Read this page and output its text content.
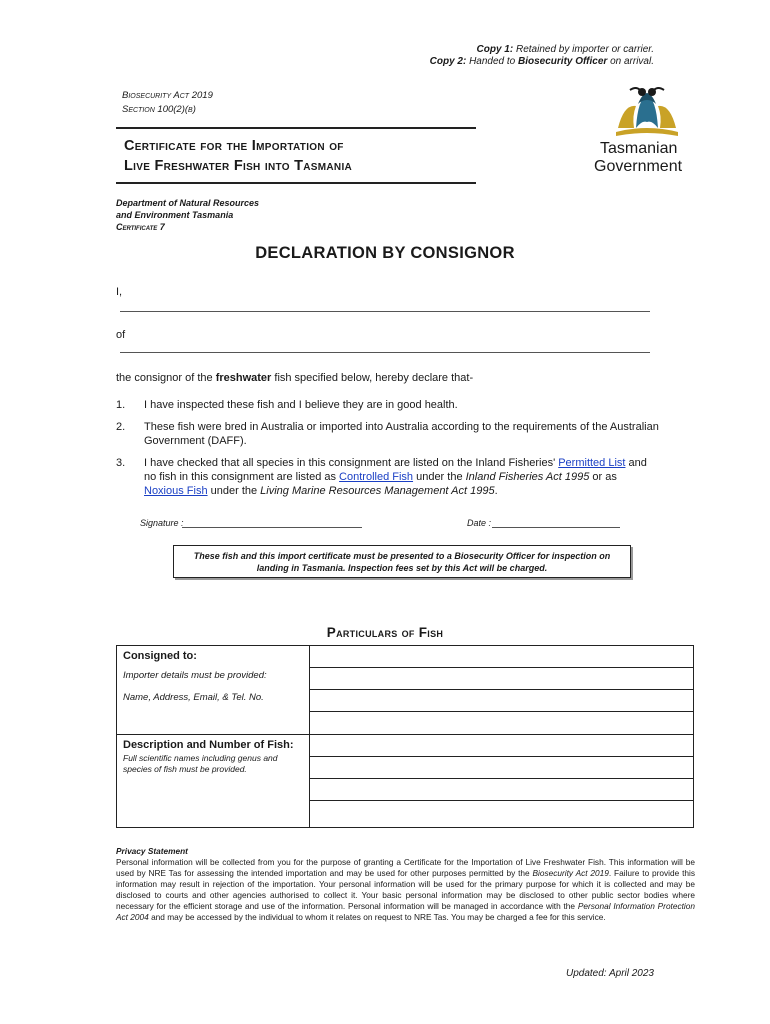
Copy 1: Retained by importer or carrier.
Copy 2: Handed to Biosecurity Officer on arrival.
Biosecurity Act 2019
Section 100(2)(b)
Certificate for the Importation of
Live Freshwater Fish into Tasmania
Tasmanian
Government
Department of Natural Resources
and Environment Tasmania
Certificate 7
DECLARATION BY CONSIGNOR
I,
of
the consignor of the freshwater fish specified below, hereby declare that-
1. I have inspected these fish and I believe they are in good health.
2. These fish were bred in Australia or imported into Australia according to the requirements of the Australian Government (DAFF).
3. I have checked that all species in this consignment are listed on the Inland Fisheries' Permitted List and no fish in this consignment are listed as Controlled Fish under the Inland Fisheries Act 1995 or as Noxious Fish under the Living Marine Resources Management Act 1995.
Signature :	Date :
These fish and this import certificate must be presented to a Biosecurity Officer for inspection on
landing in Tasmania. Inspection fees set by this Act will be charged.
Particulars of Fish
Consigned to:
Importer details must be provided:
Name, Address, Email, & Tel. No.	

Description and Number of Fish:
Full scientific names including genus and species of fish must be provided.	

Privacy Statement
Personal information will be collected from you for the purpose of granting a Certificate for the Importation of Live Freshwater Fish. This information will be used by NRE Tas for assessing the intended importation and may be used for other purposes permitted by the Biosecurity Act 2019. Failure to provide this information may result in rejection of the importation. Your personal information will be used for the primary purpose for which it is collected and may be disclosed to courts and other agencies authorised to collect it. Your basic personal information may be disclosed to other public sector bodies where necessary for the efficient storage and use of the information. Personal information will be managed in accordance with the Personal Information Protection Act 2004 and may be accessed by the individual to whom it relates on request to NRE Tas. You may be charged a fee for this service.
Updated: April 2023
